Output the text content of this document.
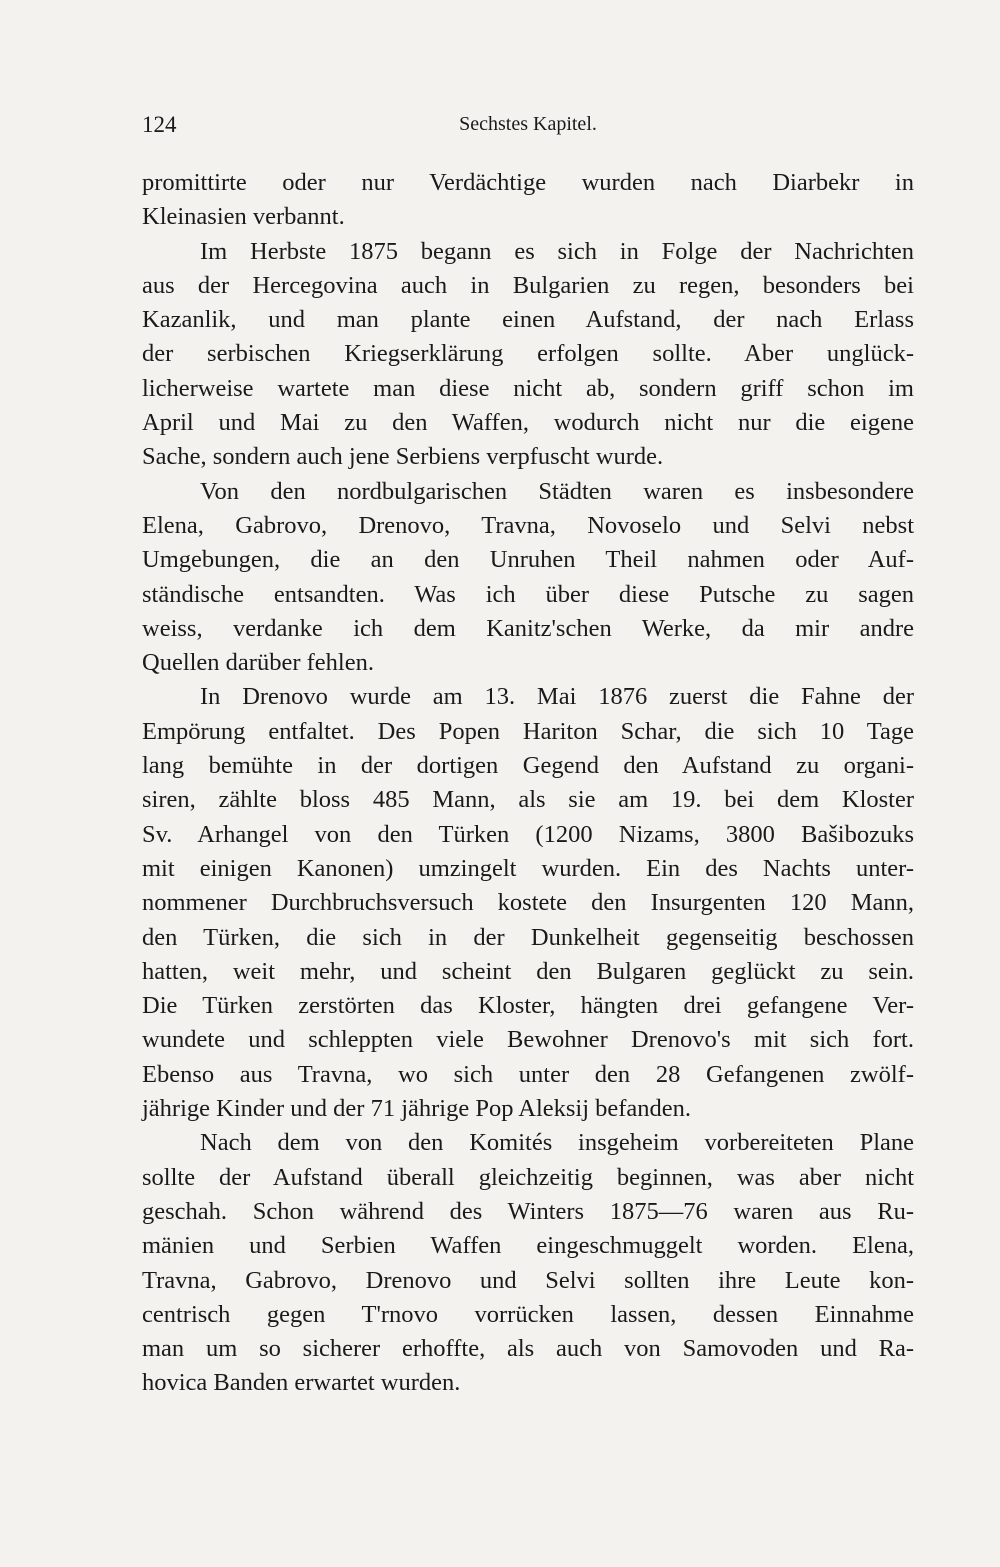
124	Sechstes Kapitel.
promittirte oder nur Verdächtige wurden nach Diarbekr in
Kleinasien verbannt.
Im Herbste 1875 begann es sich in Folge der Nachrichten
aus der Hercegovina auch in Bulgarien zu regen, besonders bei
Kazanlik, und man plante einen Aufstand, der nach Erlass
der serbischen Kriegserklärung erfolgen sollte. Aber unglück-
licherweise wartete man diese nicht ab, sondern griff schon im
April und Mai zu den Waffen, wodurch nicht nur die eigene
Sache, sondern auch jene Serbiens verpfuscht wurde.
Von den nordbulgarischen Städten waren es insbesondere
Elena, Gabrovo, Drenovo, Travna, Novoselo und Selvi nebst
Umgebungen, die an den Unruhen Theil nahmen oder Auf-
ständische entsandten. Was ich über diese Putsche zu sagen
weiss, verdanke ich dem Kanitz'schen Werke, da mir andre
Quellen darüber fehlen.
In Drenovo wurde am 13. Mai 1876 zuerst die Fahne der
Empörung entfaltet. Des Popen Hariton Schar, die sich 10 Tage
lang bemühte in der dortigen Gegend den Aufstand zu organi-
siren, zählte bloss 485 Mann, als sie am 19. bei dem Kloster
Sv. Arhangel von den Türken (1200 Nizams, 3800 Bašibozuks
mit einigen Kanonen) umzingelt wurden. Ein des Nachts unter-
nommener Durchbruchsversuch kostete den Insurgenten 120 Mann,
den Türken, die sich in der Dunkelheit gegenseitig beschossen
hatten, weit mehr, und scheint den Bulgaren geglückt zu sein.
Die Türken zerstörten das Kloster, hängten drei gefangene Ver-
wundete und schleppten viele Bewohner Drenovo's mit sich fort.
Ebenso aus Travna, wo sich unter den 28 Gefangenen zwölf-
jährige Kinder und der 71 jährige Pop Aleksij befanden.
Nach dem von den Komités insgeheim vorbereiteten Plane
sollte der Aufstand überall gleichzeitig beginnen, was aber nicht
geschah. Schon während des Winters 1875—76 waren aus Ru-
mänien und Serbien Waffen eingeschmuggelt worden. Elena,
Travna, Gabrovo, Drenovo und Selvi sollten ihre Leute kon-
centrisch gegen T'rnovo vorrücken lassen, dessen Einnahme
man um so sicherer erhoffte, als auch von Samovoden und Ra-
hovica Banden erwartet wurden.
